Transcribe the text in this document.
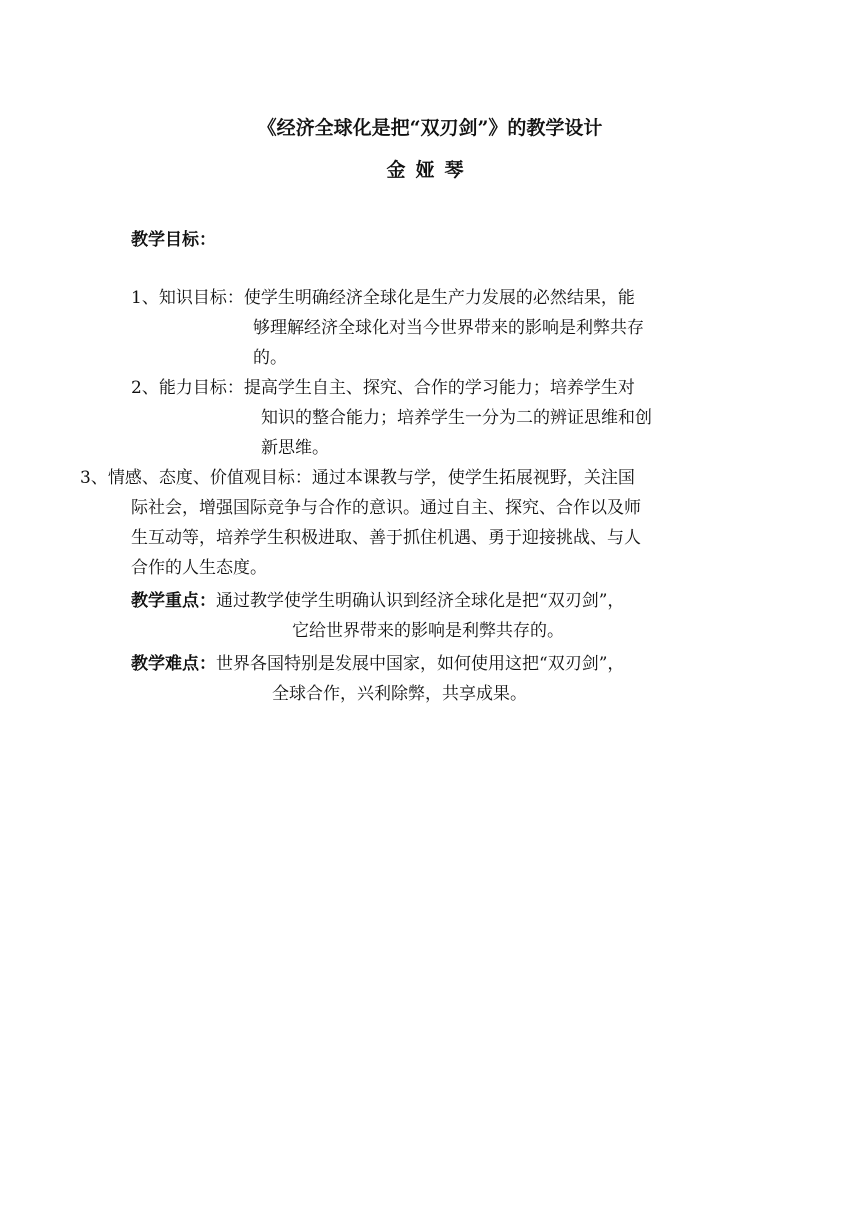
《经济全球化是把“双刃剑”》的教学设计
金娅琴
教学目标：
1、知识目标：使学生明确经济全球化是生产力发展的必然结果，能
够理解经济全球化对当今世界带来的影响是利弊共存
的。
2、能力目标：提高学生自主、探究、合作的学习能力；培养学生对
知识的整合能力；培养学生一分为二的辨证思维和创
新思维。
3、情感、态度、价值观目标：通过本课教与学，使学生拓展视野，关注国
际社会，增强国际竞争与合作的意识。通过自主、探究、合作以及师
生互动等，培养学生积极进取、善于抓住机遇、勇于迎接挑战、与人
合作的人生态度。
教学重点：通过教学使学生明确认识到经济全球化是把“双刃剑”，
它给世界带来的影响是利弊共存的。
教学难点：世界各国特别是发展中国家，如何使用这把“双刃剑”，
全球合作，兴利除弊，共享成果。
